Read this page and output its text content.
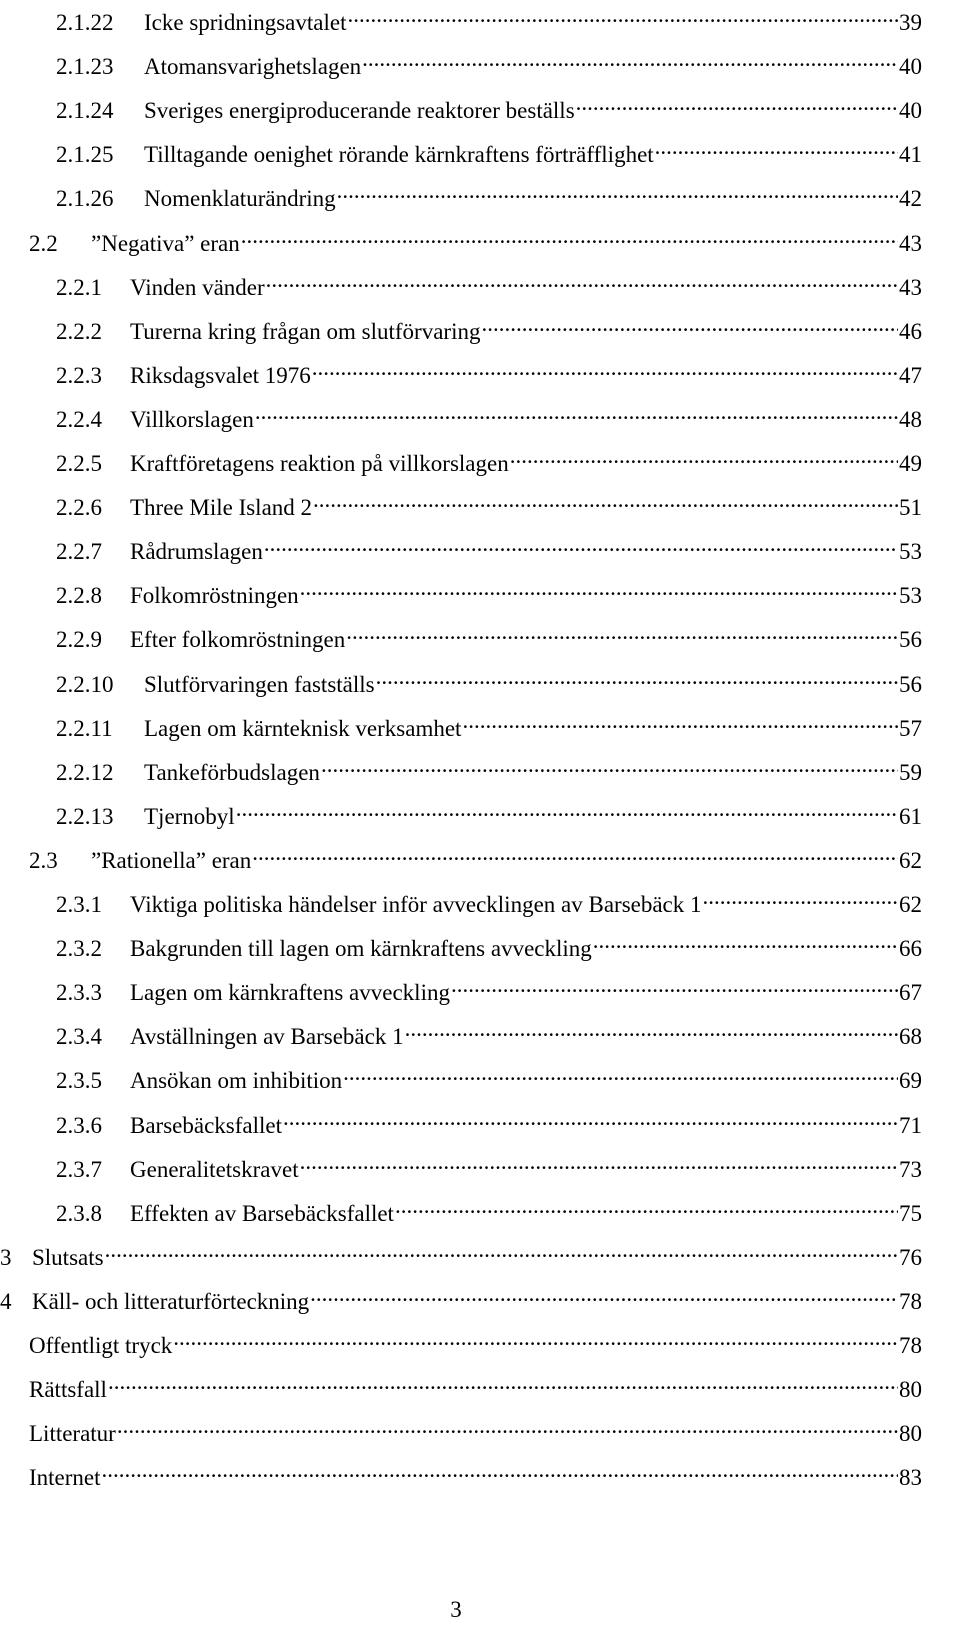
2.1.22	Icke spridningsavtalet .....	39
2.1.23	Atomansvarighetslagen .....	40
2.1.24	Sveriges energiproducerande reaktorer beställs .....	40
2.1.25	Tilltagande oenighet rörande kärnkraftens förträfflighet .....	41
2.1.26	Nomenklaturändring .....	42
2.2	”Negativa” eran .....	43
2.2.1	Vinden vänder .....	43
2.2.2	Turerna kring frågan om slutförvaring .....	46
2.2.3	Riksdagsvalet 1976 .....	47
2.2.4	Villkorslagen .....	48
2.2.5	Kraftföretagens reaktion på villkorslagen .....	49
2.2.6	Three Mile Island 2 .....	51
2.2.7	Rådrumslagen .....	53
2.2.8	Folkomröstningen .....	53
2.2.9	Efter folkomröstningen .....	56
2.2.10	Slutförvaringen fastställs .....	56
2.2.11	Lagen om kärnteknisk verksamhet .....	57
2.2.12	Tankeförbudslagen .....	59
2.2.13	Tjernobyl .....	61
2.3	”Rationella” eran .....	62
2.3.1	Viktiga politiska händelser inför avvecklingen av Barsebäck 1 .....	62
2.3.2	Bakgrunden till lagen om kärnkraftens avveckling .....	66
2.3.3	Lagen om kärnkraftens avveckling .....	67
2.3.4	Avställningen av Barsebäck 1 .....	68
2.3.5	Ansökan om inhibition .....	69
2.3.6	Barsebäcksfallet .....	71
2.3.7	Generalitetskravet .....	73
2.3.8	Effekten av Barsebäcksfallet .....	75
3 Slutsats .....	76
4 Käll- och litteraturförteckning .....	78
Offentligt tryck .....	78
Rättsfall .....	80
Litteratur .....	80
Internet .....	83
3
